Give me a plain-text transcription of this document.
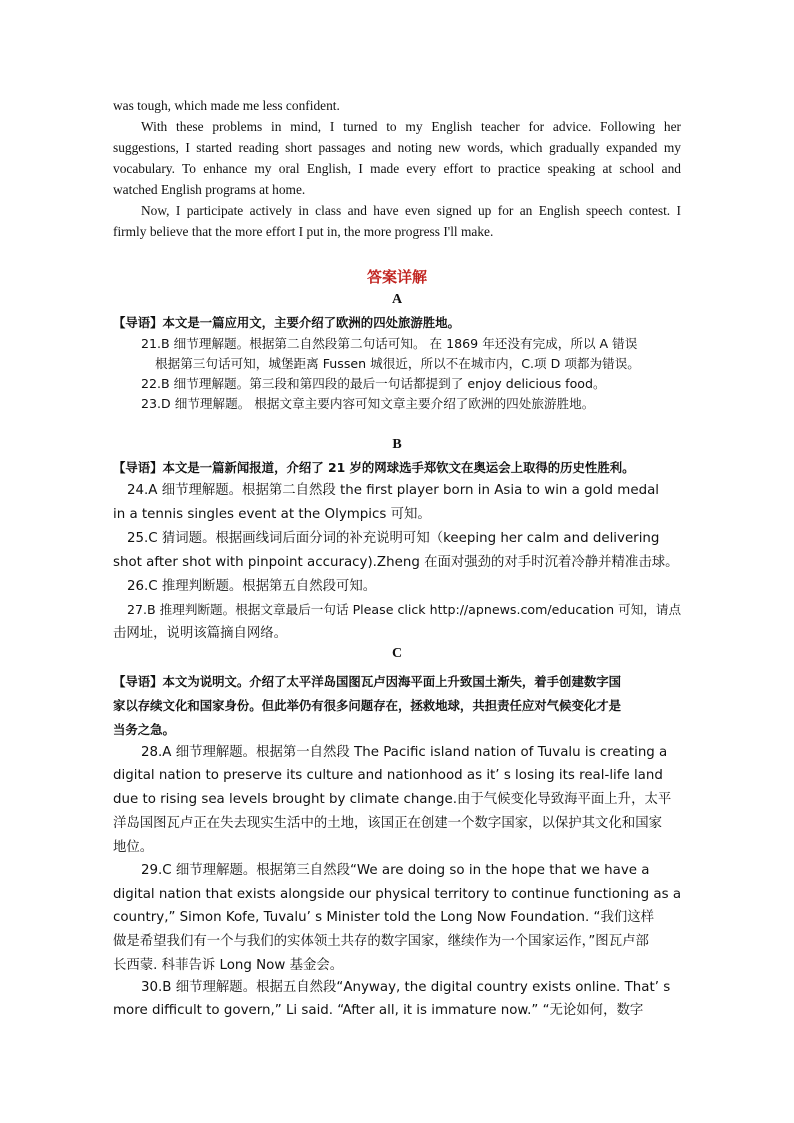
was tough, which made me less confident.
With these problems in mind, I turned to my English teacher for advice. Following her
suggestions, I started reading short passages and noting new words, which gradually expanded my
vocabulary. To enhance my oral English, I made every effort to practice speaking at school and
watched English programs at home.
Now, I participate actively in class and have even signed up for an English speech contest. I
firmly believe that the more effort I put in, the more progress I'll make.
答案详解
A
【导语】本文是一篇应用文，主要介绍了欧洲的四处旅游胜地。
21.B 细节理解题。根据第二自然段第二句话可知。 在 1869 年还没有完成，所以 A 错误
根据第三句话可知，城堡距离 Fussen 城很近，所以不在城市内，C.项 D 项都为错误。
22.B 细节理解题。第三段和第四段的最后一句话都提到了 enjoy delicious food。
23.D 细节理解题。 根据文章主要内容可知文章主要介绍了欧洲的四处旅游胜地。
B
【导语】本文是一篇新闻报道，介绍了 21 岁的网球选手郑钦文在奥运会上取得的历史性胜利。
24.A 细节理解题。根据第二自然段 the first player born in Asia to win a gold medal
in a tennis singles event at the Olympics 可知。
25.C 猜词题。根据画线词后面分词的补充说明可知（keeping her calm and delivering
shot after shot with pinpoint accuracy).Zheng 在面对强劲的对手时沉着冷静并精准击球。
26.C 推理判断题。根据第五自然段可知。
27.B 推理判断题。根据文章最后一句话 Please click http://apnews.com/education 可知，请点
击网址，说明该篇摘自网络。
C
【导语】本文为说明文。介绍了太平洋岛国图瓦卢因海平面上升致国土渐失，着手创建数字国
家以存续文化和国家身份。但此举仍有很多问题存在，拯救地球，共担责任应对气候变化才是
当务之急。
28.A 细节理解题。根据第一自然段 The Pacific island nation of Tuvalu is creating a
digital nation to preserve its culture and nationhood as it’ s losing its real-life land
due to rising sea levels brought by climate change.由于气候变化导致海平面上升，太平
洋岛国图瓦卢正在失去现实生活中的土地，该国正在创建一个数字国家，以保护其文化和国家
地位。
29.C 细节理解题。根据第三自然段“We are doing so in the hope that we have a
digital nation that exists alongside our physical territory to continue functioning as a
country,” Simon Kofe, Tuvalu’ s Minister told the Long Now Foundation. “我们这样
做是希望我们有一个与我们的实体领土共存的数字国家，继续作为一个国家运作，”图瓦卢部
长西蒙. 科菲告诉 Long Now 基金会。
30.B 细节理解题。根据五自然段“Anyway, the digital country exists online. That’ s
more difficult to govern,” Li said. “After all, it is immature now.” “无论如何，数字
